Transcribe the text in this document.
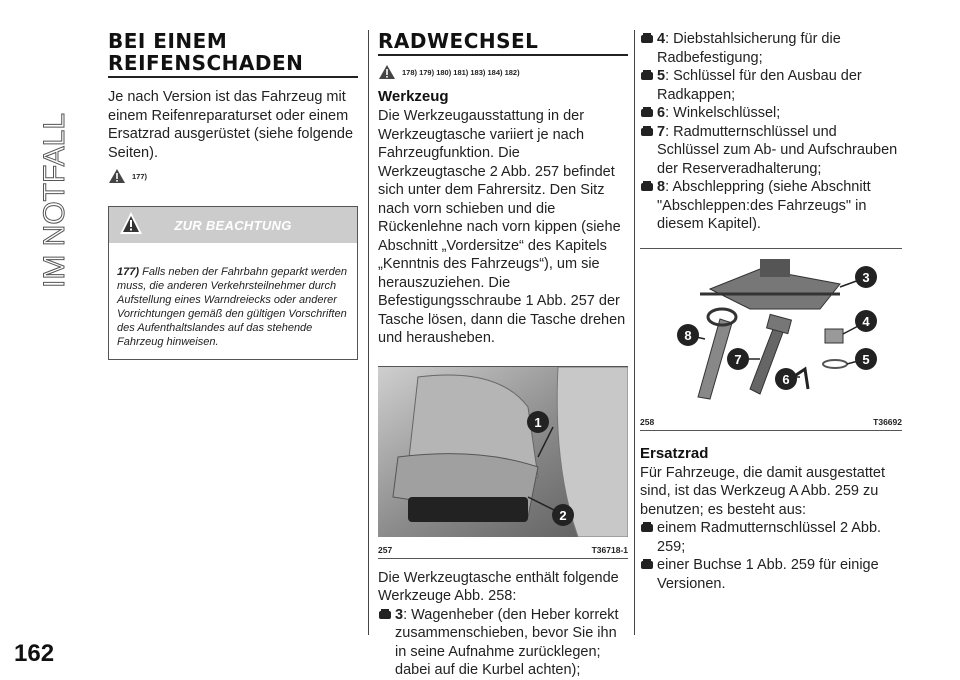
IM NOTFALL
162
BEI EINEM
REIFENSCHADEN

Je nach Version ist das Fahrzeug mit einem Reifenreparaturset oder einem Ersatzrad ausgerüstet (siehe folgende Seiten).

177)
ZUR BEACHTUNG
177) Falls neben der Fahrbahn geparkt werden muss, die anderen Verkehrsteilnehmer durch Aufstellung eines Warndreiecks oder anderer Vorrichtungen gemäß den gültigen Vorschriften des Aufenthaltslandes auf das stehende Fahrzeug hinweisen.
RADWECHSEL
178) 179) 180) 181) 183) 184) 182)
Werkzeug

Die Werkzeugausstattung in der Werkzeugtasche variiert je nach Fahrzeugfunktion. Die Werkzeugtasche 2 Abb. 257 befindet sich unter dem Fahrersitz. Den Sitz nach vorn schieben und die Rückenlehne nach vorn kippen (siehe Abschnitt „Vordersitze“ des Kapitels „Kenntnis des Fahrzeugs“), um sie herauszuziehen. Die Befestigungsschraube 1 Abb. 257 der Tasche lösen, dann die Tasche drehen und herausheben.

1
2
257	T36718-1

Die Werkzeugtasche enthält folgende Werkzeuge Abb. 258:

3: Wagenheber (den Heber korrekt zusammenschieben, bevor Sie ihn in seine Aufnahme zurücklegen; dabei auf die Kurbel achten);
4: Diebstahlsicherung für die Radbefestigung;
5: Schlüssel für den Ausbau der Radkappen;
6: Winkelschlüssel;
7: Radmutternschlüssel und Schlüssel zum Ab- und Aufschrauben der Reserveradhalterung;
8: Abschleppring (siehe Abschnitt "Abschleppen:des Fahrzeugs" in diesem Kapitel).
3
4
5
6
7
8
258	T36692
Ersatzrad

Für Fahrzeuge, die damit ausgestattet sind, ist das Werkzeug A Abb. 259 zu benutzen; es besteht aus:

einem Radmutternschlüssel 2 Abb. 259;
einer Buchse 1 Abb. 259 für einige Versionen.
